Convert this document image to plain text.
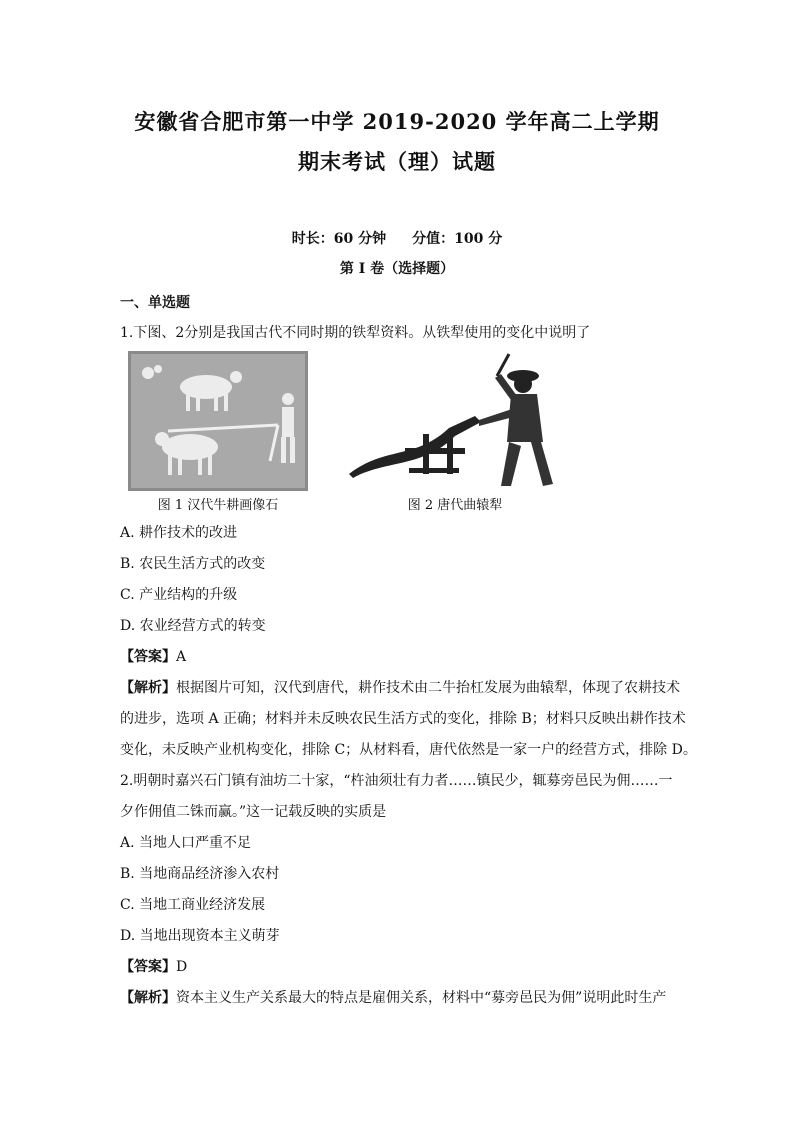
安徽省合肥市第一中学 2019-2020 学年高二上学期
期末考试（理）试题
时长：60 分钟 分值：100 分
第 I 卷（选择题）
一、单选题
1.下图、2分别是我国古代不同时期的铁犁资料。从铁犁使用的变化中说明了
图 1 汉代牛耕画像石	图 2 唐代曲辕犁
A. 耕作技术的改进
B. 农民生活方式的改变
C. 产业结构的升级
D. 农业经营方式的转变
【答案】A
【解析】根据图片可知，汉代到唐代，耕作技术由二牛抬杠发展为曲辕犁，体现了农耕技术
的进步，选项 A 正确；材料并未反映农民生活方式的变化，排除 B；材料只反映出耕作技术
变化，未反映产业机构变化，排除 C；从材料看，唐代依然是一家一户的经营方式，排除 D。
2.明朝时嘉兴石门镇有油坊二十家，“杵油须壮有力者……镇民少，辄募旁邑民为佣……一
夕作佣值二铢而赢。”这一记载反映的实质是
A. 当地人口严重不足
B. 当地商品经济渗入农村
C. 当地工商业经济发展
D. 当地出现资本主义萌芽
【答案】D
【解析】资本主义生产关系最大的特点是雇佣关系，材料中“募旁邑民为佣”说明此时生产
